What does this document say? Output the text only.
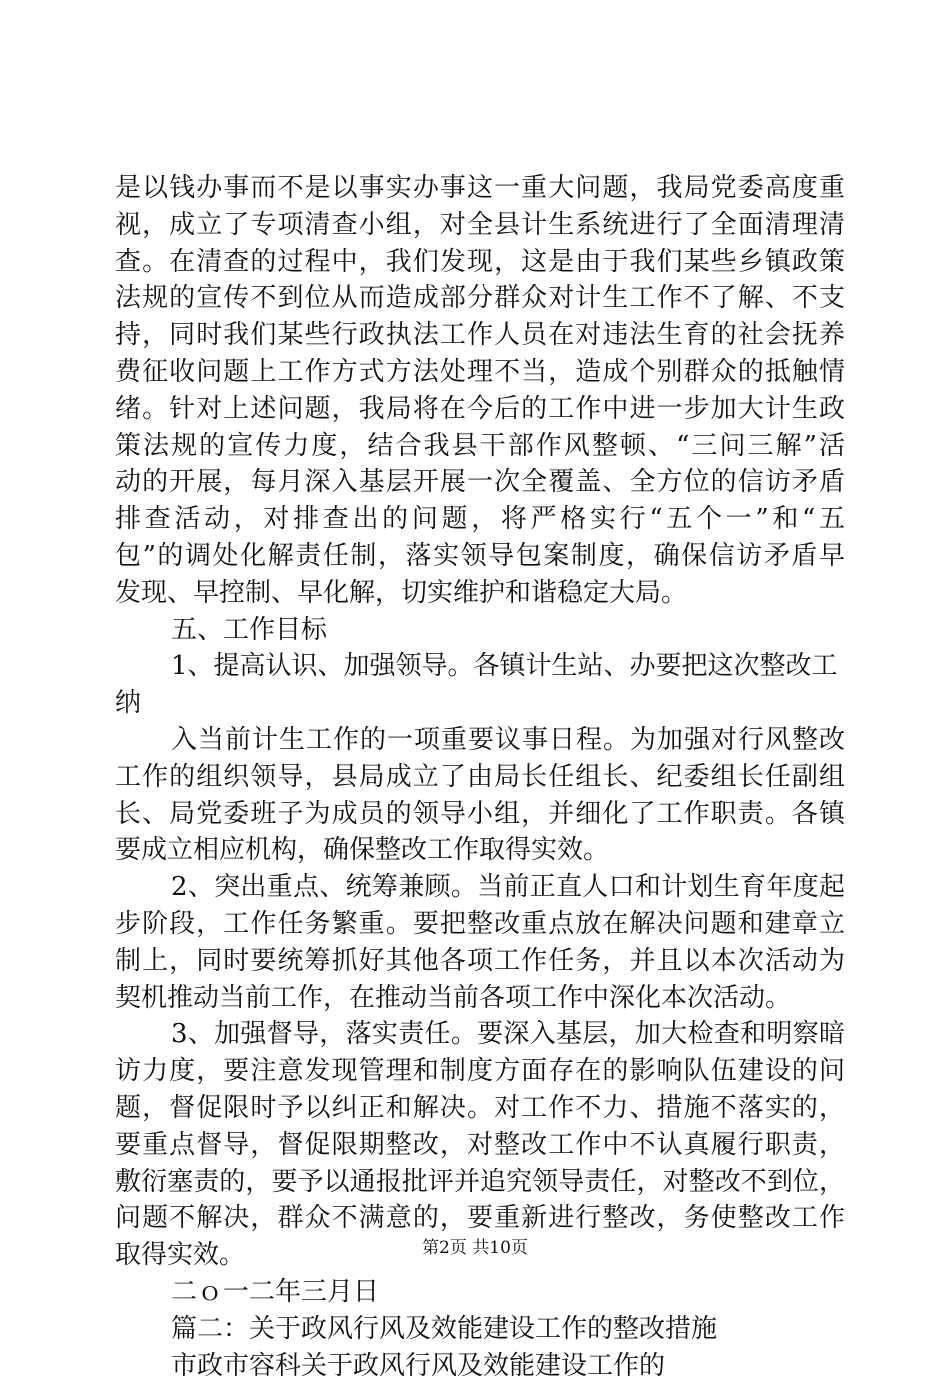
是以钱办事而不是以事实办事这一重大问题，我局党委高度重
视，成立了专项清查小组，对全县计生系统进行了全面清理清
查。在清查的过程中，我们发现，这是由于我们某些乡镇政策
法规的宣传不到位从而造成部分群众对计生工作不了解、不支
持，同时我们某些行政执法工作人员在对违法生育的社会抚养
费征收问题上工作方式方法处理不当，造成个别群众的抵触情
绪。针对上述问题，我局将在今后的工作中进一步加大计生政
策法规的宣传力度，结合我县干部作风整顿、“三问三解”活
动的开展，每月深入基层开展一次全覆盖、全方位的信访矛盾
排查活动，对排查出的问题，将严格实行“五个一”和“五
包”的调处化解责任制，落实领导包案制度，确保信访矛盾早
发现、早控制、早化解，切实维护和谐稳定大局。
五、工作目标
1、提高认识、加强领导。各镇计生站、办要把这次整改工
纳
入当前计生工作的一项重要议事日程。为加强对行风整改
工作的组织领导，县局成立了由局长任组长、纪委组长任副组
长、局党委班子为成员的领导小组，并细化了工作职责。各镇
要成立相应机构，确保整改工作取得实效。
2、突出重点、统筹兼顾。当前正直人口和计划生育年度起
步阶段，工作任务繁重。要把整改重点放在解决问题和建章立
制上，同时要统筹抓好其他各项工作任务，并且以本次活动为
契机推动当前工作，在推动当前各项工作中深化本次活动。
3、加强督导，落实责任。要深入基层，加大检查和明察暗
访力度，要注意发现管理和制度方面存在的影响队伍建设的问
题，督促限时予以纠正和解决。对工作不力、措施不落实的，
要重点督导，督促限期整改，对整改工作中不认真履行职责，
敷衍塞责的，要予以通报批评并追究领导责任，对整改不到位，
问题不解决，群众不满意的，要重新进行整改，务使整改工作
取得实效。
二ｏ一二年三月日
篇二：关于政风行风及效能建设工作的整改措施
市政市容科关于政风行风及效能建设工作的
第2页 共10页
